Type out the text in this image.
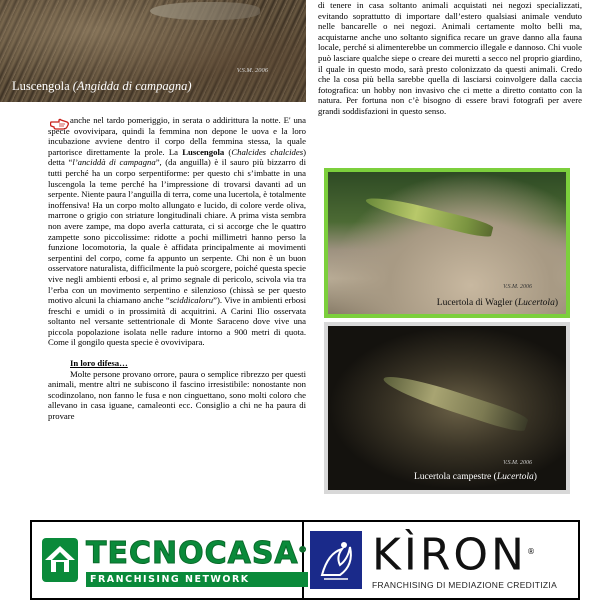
V.S.M. 2006
Luscengola (Angidda di campagna)

anche nel tardo pomeriggio, in serata o addirittura la notte. E' una specie ovovivipara, quindi la femmina non depone le uova e la loro incubazione avviene dentro il corpo della femmina stessa, la quale partorisce direttamente la prole. La Luscengola (Chalcides chalcides) detta “l’anciddà di campagna”, (da anguilla) è il sauro più bizzarro di tutti perché ha un corpo serpentiforme: per questo chi s’imbatte in una luscengola la teme perché ha l’impressione di trovarsi davanti ad un serpente. Niente paura l’anguilla di terra, come una lucertola, è totalmente inoffensiva! Ha un corpo molto allungato e lucido, di colore verde oliva, marrone o grigio con striature longitudinali chiare. A prima vista sembra non avere zampe, ma dopo averla catturata, ci si accorge che le quattro zampette sono piccolissime: ridotte a pochi millimetri hanno perso la funzione locomotoria, la quale è affidata principalmente ai movimenti serpentini del corpo, come fa appunto un serpente. Chi non è un buon osservatore naturalista, difficilmente la può scorgere, poiché questa specie vive negli ambienti erbosi e, al primo segnale di pericolo, scivola via tra l’erba con un movimento serpentino e silenzioso (chissà se per questo motivo alcuni la chiamano anche “sciddicaloru”). Vive in ambienti erbosi freschi e umidi o in prossimità di acquitrini. A Carini Ilio osservata soltanto nel versante settentrionale di Monte Saraceno dove vive una piccola popolazione isolata nelle radure intorno a 900 metri di quota. Come il gongilo questa specie è ovovivipara.

In loro difesa…

Molte persone provano orrore, paura o semplice ribrezzo per questi animali, mentre altri ne subiscono il fascino irresistibile: nonostante non scodinzolano, non fanno le fusa e non cinguettano, sono molti coloro che allevano in casa iguane, camaleonti ecc. Consiglio a chi ne ha paura di provare

di tenere in casa soltanto animali acquistati nei negozi specializzati, evitando soprattutto di importare dall’estero qualsiasi animale venduto nelle bancarelle o nei negozi. Animali certamente molto belli ma, acquistarne anche uno soltanto significa recare un grave danno alla fauna locale, perché si alimenterebbe un commercio illegale e dannoso. Chi vuole può lasciare qualche siepe o creare dei muretti a secco nel proprio giardino, il quale in questo modo, sarà presto colonizzato da questi animali. Credo che la cosa più bella sarebbe quella di lasciarsi coinvolgere dalla caccia fotografica: un hobby non invasivo che ci mette a diretto contatto con la natura. Per fortuna non c’è bisogno di essere bravi fotografi per avere grandi soddisfazioni in questo senso.
V.S.M. 2006
Lucertola di Wagler (Lucertola)
V.S.M. 2006
Lucertola campestre (Lucertola)
TECNOCASA®
FRANCHISING NETWORK	KÌRON®
FRANCHISING DI MEDIAZIONE CREDITIZIA
